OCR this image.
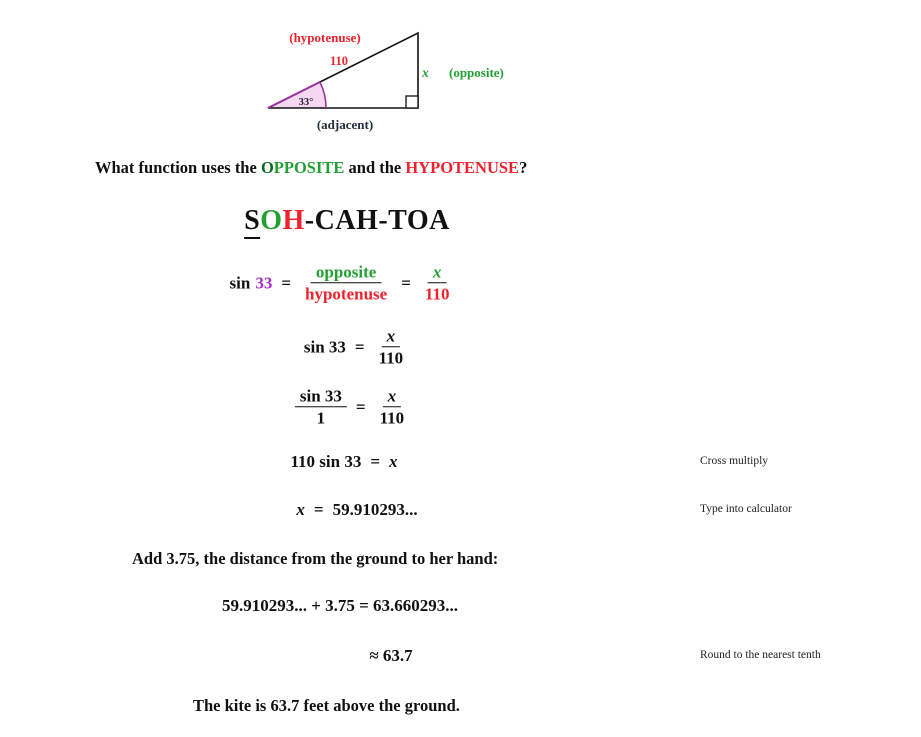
(hypotenuse)
110
x (opposite)
33°
(adjacent)
What function uses the OPPOSITE and the HYPOTENUSE?
SOH-CAH-TOA
$\sin 33 = \frac{\text{opposite}}{\text{hypotenuse}} = \frac{x}{110}$
$\sin 33 = \frac{x}{110}$
$\frac{\sin 33}{1} = \frac{x}{110}$
110 sin 33 = x
x = 59.910293...
Add 3.75, the distance from the ground to her hand:
59.910293... + 3.75 = 63.660293...
≈ 63.7
The kite is 63.7 feet above the ground.
Cross multiply
Type into calculator
Round to the nearest tenth
